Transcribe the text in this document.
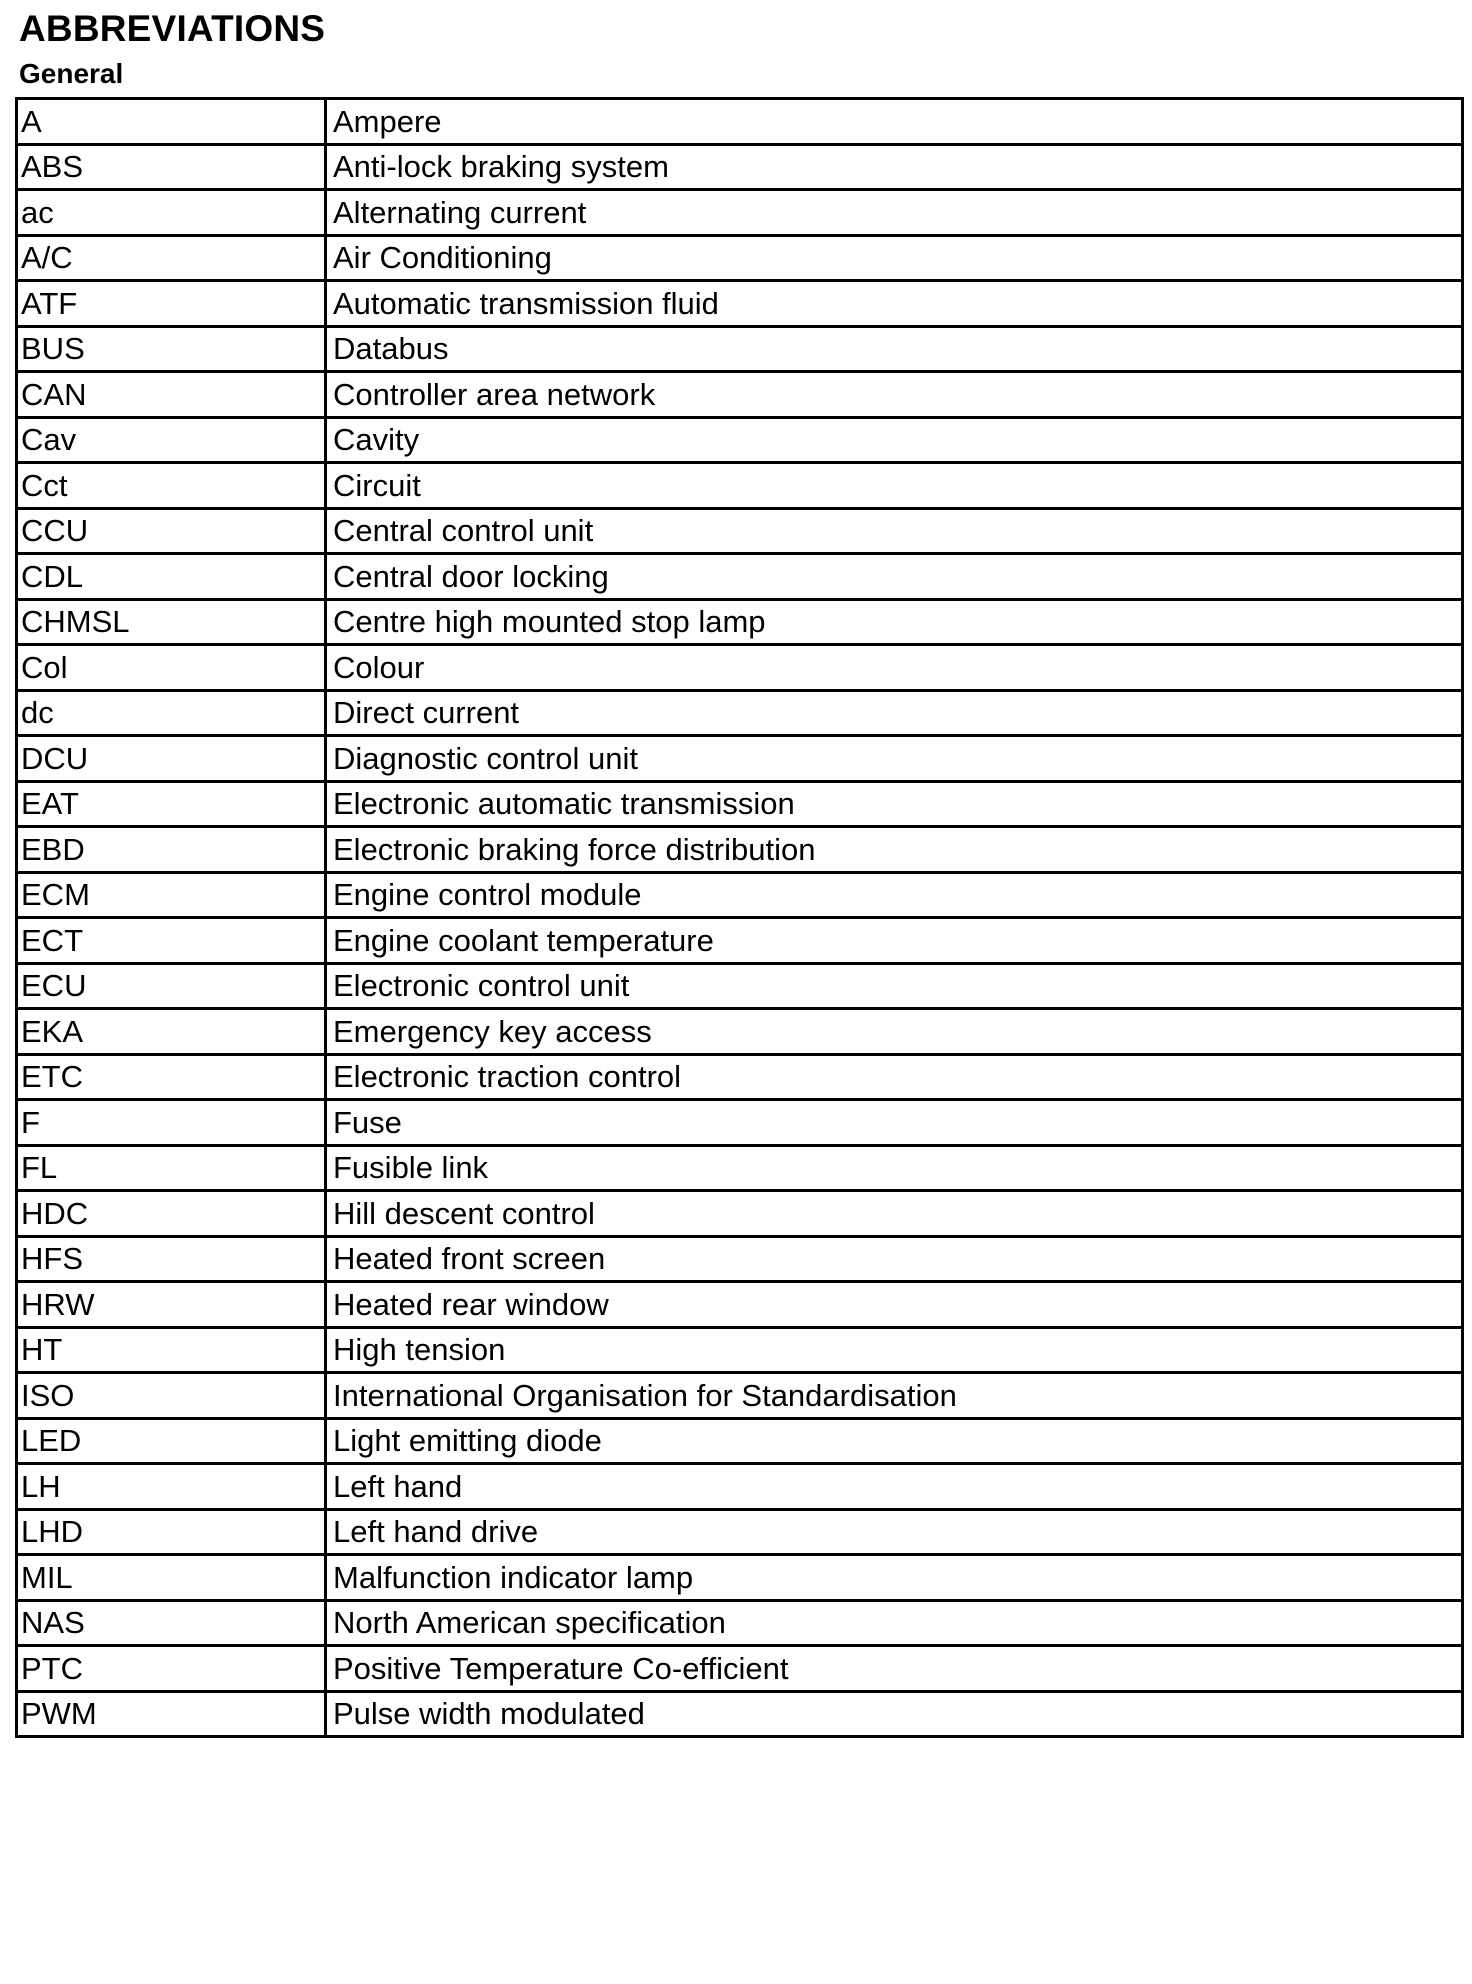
ABBREVIATIONS
General
A	Ampere
ABS	Anti-lock braking system
ac	Alternating current
A/C	Air Conditioning
ATF	Automatic transmission fluid
BUS	Databus
CAN	Controller area network
Cav	Cavity
Cct	Circuit
CCU	Central control unit
CDL	Central door locking
CHMSL	Centre high mounted stop lamp
Col	Colour
dc	Direct current
DCU	Diagnostic control unit
EAT	Electronic automatic transmission
EBD	Electronic braking force distribution
ECM	Engine control module
ECT	Engine coolant temperature
ECU	Electronic control unit
EKA	Emergency key access
ETC	Electronic traction control
F	Fuse
FL	Fusible link
HDC	Hill descent control
HFS	Heated front screen
HRW	Heated rear window
HT	High tension
ISO	International Organisation for Standardisation
LED	Light emitting diode
LH	Left hand
LHD	Left hand drive
MIL	Malfunction indicator lamp
NAS	North American specification
PTC	Positive Temperature Co-efficient
PWM	Pulse width modulated
